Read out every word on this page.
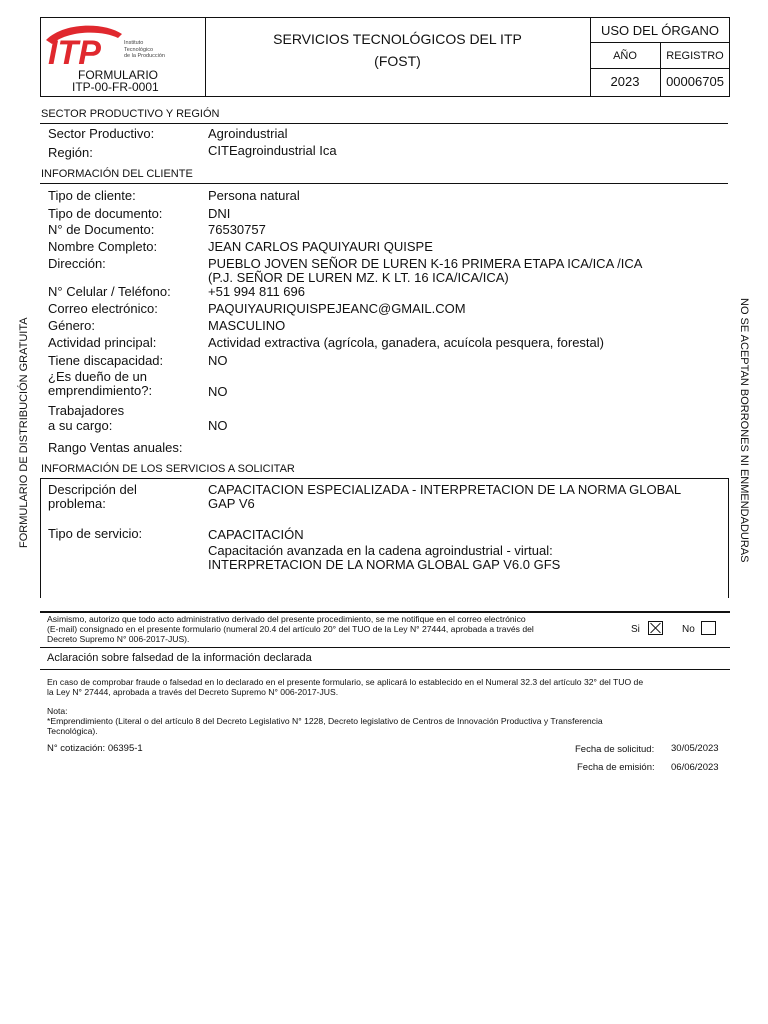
ITP	Instituto
Tecnológico
de la Producción
FORMULARIO
ITP-00-FR-0001
SERVICIOS TECNOLÓGICOS DEL ITP
(FOST)
USO DEL ÓRGANO
AÑO	REGISTRO
2023	00006705
FORMULARIO DE DISTRIBUCIÓN GRATUITA	NO SE ACEPTAN BORRONES NI ENMENDADURAS
SECTOR PRODUCTIVO Y REGIÓN
Sector Productivo:	Agroindustrial
Región:	CITEagroindustrial Ica
INFORMACIÓN DEL CLIENTE
Tipo de cliente:	Persona natural
Tipo de documento:	DNI
N° de Documento:	76530757
Nombre Completo:	JEAN CARLOS PAQUIYAURI QUISPE
Dirección:	PUEBLO JOVEN SEÑOR DE LUREN K-16 PRIMERA ETAPA ICA/ICA /ICA
(P.J. SEÑOR DE LUREN MZ. K LT. 16 ICA/ICA/ICA)
N° Celular / Teléfono:	+51 994 811 696
Correo electrónico:	PAQUIYAURIQUISPEJEANC@GMAIL.COM
Género:	MASCULINO
Actividad principal:	Actividad extractiva (agrícola, ganadera, acuícola pesquera, forestal)
Tiene discapacidad:	NO
¿Es dueño de un
emprendimiento?:	NO
Trabajadores
a su cargo:	NO
Rango Ventas anuales:
INFORMACIÓN DE LOS SERVICIOS A SOLICITAR
Descripción del
problema:
CAPACITACION ESPECIALIZADA - INTERPRETACION DE LA NORMA GLOBAL
GAP V6
Tipo de servicio:	CAPACITACIÓN
Capacitación avanzada en la cadena agroindustrial - virtual:
INTERPRETACION DE LA NORMA GLOBAL GAP V6.0 GFS
Asimismo, autorizo que todo acto administrativo derivado del presente procedimiento, se me notifique en el correo electrónico
(E-mail) consignado en el presente formulario (numeral 20.4 del artículo 20° del TUO de la Ley N° 27444, aprobada a través del
Decreto Supremo N° 006-2017-JUS).
Si	No
Aclaración sobre falsedad de la información declarada
En caso de comprobar fraude o falsedad en lo declarado en el presente formulario, se aplicará lo establecido en el Numeral 32.3 del artículo 32° del TUO de
la Ley N° 27444, aprobada a través del Decreto Supremo N° 006-2017-JUS.
Nota:
*Emprendimiento (Literal o del artículo 8 del Decreto Legislativo N° 1228, Decreto legislativo de Centros de Innovación Productiva y Transferencia
Tecnológica).
N° cotización: 06395-1	Fecha de solicitud: 30/05/2023
Fecha de emisión: 06/06/2023
